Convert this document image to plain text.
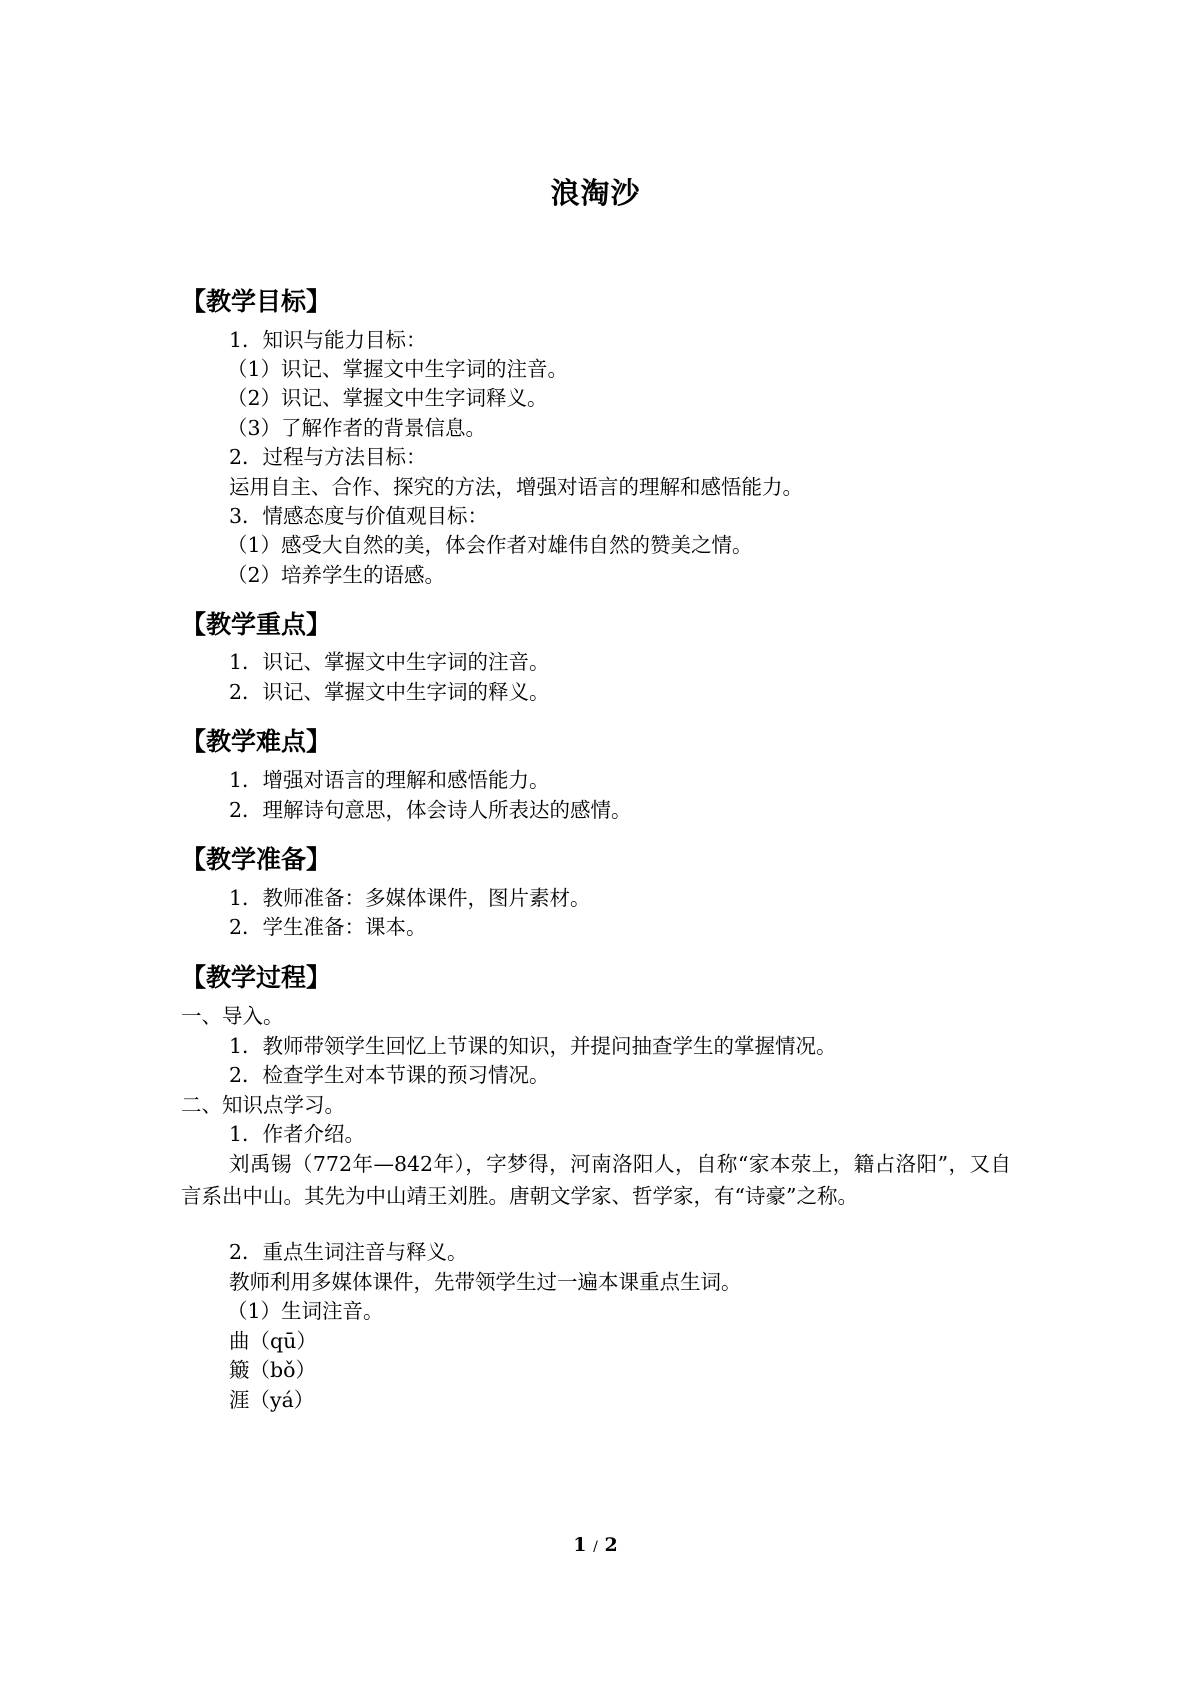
浪淘沙
【教学目标】
1．知识与能力目标：
（1）识记、掌握文中生字词的注音。
（2）识记、掌握文中生字词释义。
（3）了解作者的背景信息。
2．过程与方法目标：
运用自主、合作、探究的方法，增强对语言的理解和感悟能力。
3．情感态度与价值观目标：
（1）感受大自然的美，体会作者对雄伟自然的赞美之情。
（2）培养学生的语感。
【教学重点】
1．识记、掌握文中生字词的注音。
2．识记、掌握文中生字词的释义。
【教学难点】
1．增强对语言的理解和感悟能力。
2．理解诗句意思，体会诗人所表达的感情。
【教学准备】
1．教师准备：多媒体课件，图片素材。
2．学生准备：课本。
【教学过程】
一、导入。
1．教师带领学生回忆上节课的知识，并提问抽查学生的掌握情况。
2．检查学生对本节课的预习情况。
二、知识点学习。
1．作者介绍。
刘禹锡（772年—842年），字梦得，河南洛阳人，自称“家本荥上，籍占洛阳”，又自言系出中山。其先为中山靖王刘胜。唐朝文学家、哲学家，有“诗豪”之称。
2．重点生词注音与释义。
教师利用多媒体课件，先带领学生过一遍本课重点生词。
（1）生词注音。
曲（qū）
簸（bǒ）
涯（yá）
1 / 2
